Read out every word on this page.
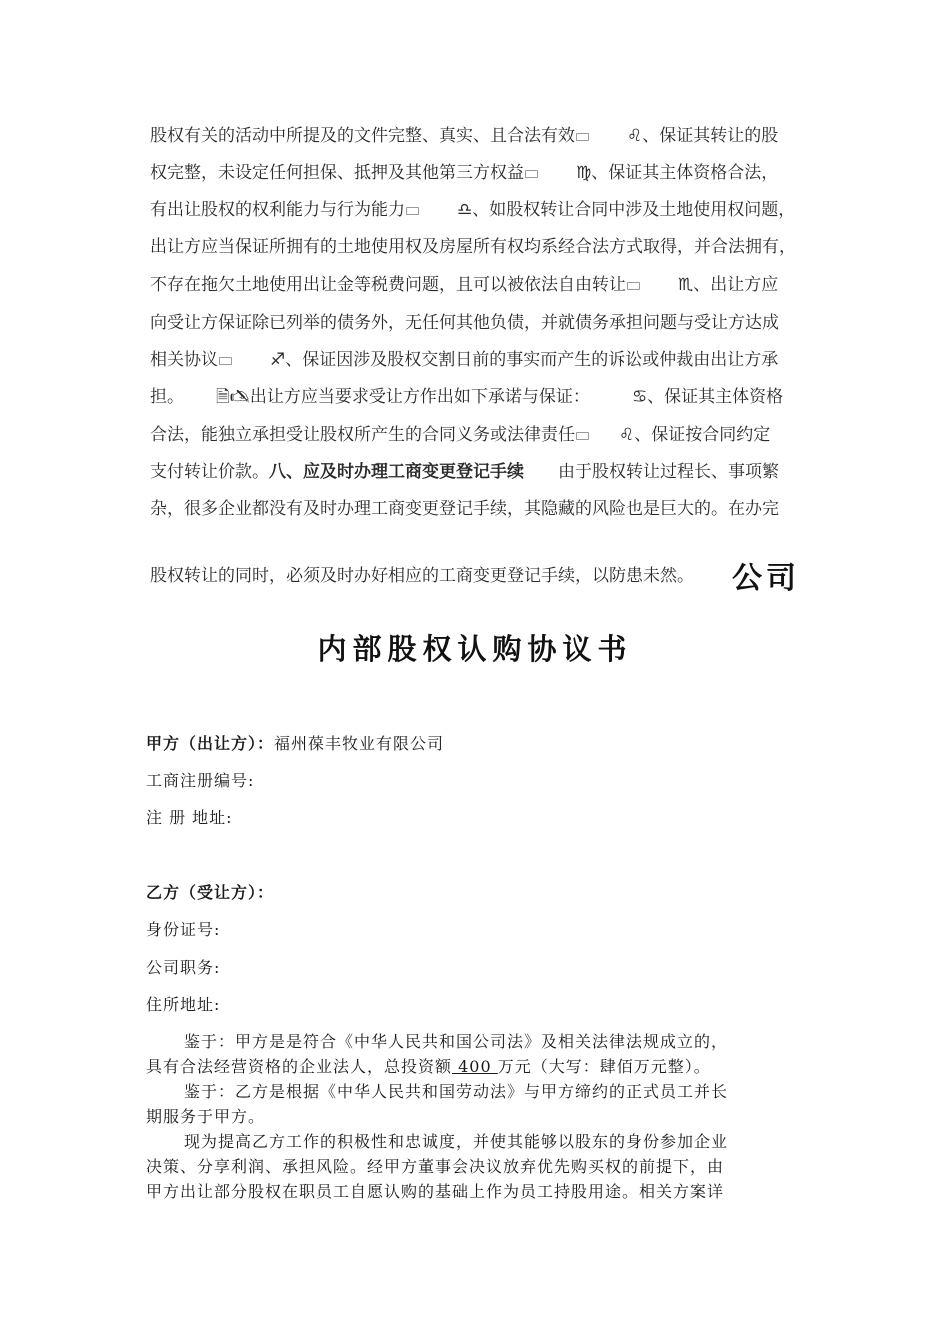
股权有关的活动中所提及的文件完整、真实、且合法有效	♌、保证其转让的股
权完整，未设定任何担保、抵押及其他第三方权益	♍、保证其主体资格合法，
有出让股权的权利能力与行为能力	♎、如股权转让合同中涉及土地使用权问题，
出让方应当保证所拥有的土地使用权及房屋所有权均系经合法方式取得，并合法拥有，
不存在拖欠土地使用出让金等税费问题，且可以被依法自由转让	♏、出让方应
向受让方保证除已列举的债务外，无任何其他负债，并就债务承担问题与受让方达成
相关协议	♐、保证因涉及股权交割日前的事实而产生的诉讼或仲裁由出让方承
担。 🗎🖎出让方应当要求受让方作出如下承诺与保证： ♋、保证其主体资格
合法，能独立承担受让股权所产生的合同义务或法律责任	♌、保证按合同约定
支付转让价款。八、应及时办理工商变更登记手续 由于股权转让过程长、事项繁
杂，很多企业都没有及时办理工商变更登记手续，其隐藏的风险也是巨大的。在办完
股权转让的同时，必须及时办好相应的工商变更登记手续，以防患未然。	公司
内部股权认购协议书
甲方（出让方）：福州葆丰牧业有限公司
工商注册编号:
注 册 地址:
乙方（受让方）：
身份证号:
公司职务:
住所地址:
鉴于：甲方是是符合《中华人民共和国公司法》及相关法律法规成立的，
具有合法经营资格的企业法人，总投资额 400 万元（大写：肆佰万元整）。
鉴于：乙方是根据《中华人民共和国劳动法》与甲方缔约的正式员工并长
期服务于甲方。
现为提高乙方工作的积极性和忠诚度，并使其能够以股东的身份参加企业
决策、分享利润、承担风险。经甲方董事会决议放弃优先购买权的前提下，由
甲方出让部分股权在职员工自愿认购的基础上作为员工持股用途。相关方案详
